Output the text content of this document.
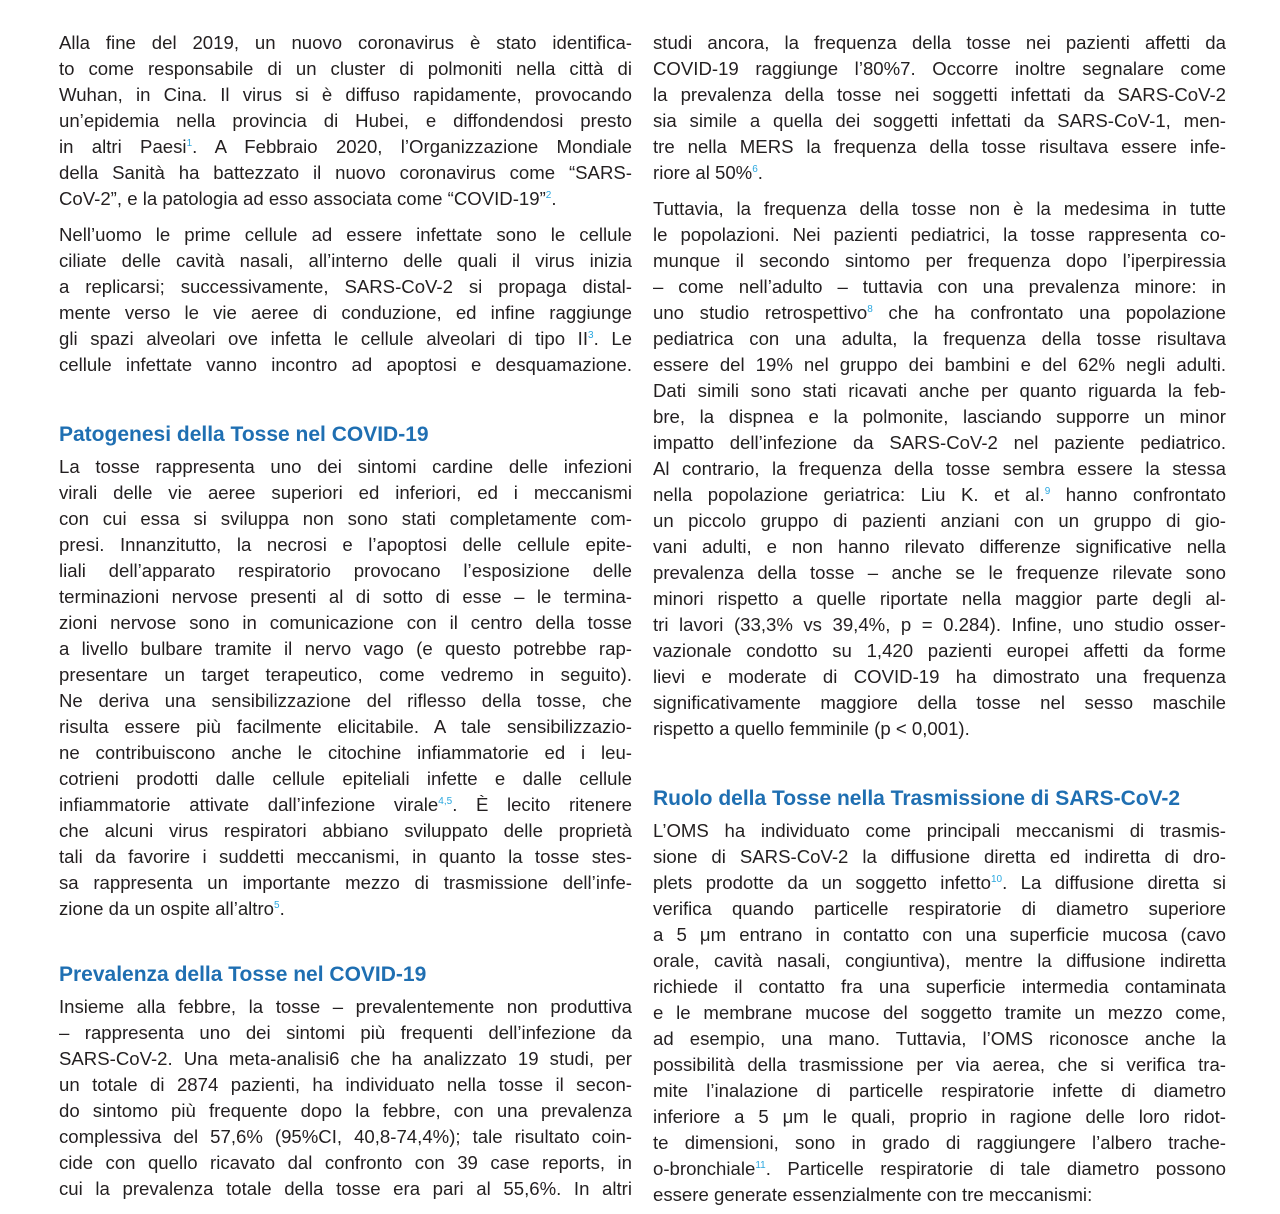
Alla fine del 2019, un nuovo coronavirus è stato identifica-
to come responsabile di un cluster di polmoniti nella città di
Wuhan, in Cina. Il virus si è diffuso rapidamente, provocando
un’epidemia nella provincia di Hubei, e diffondendosi presto
in altri Paesi$^1$. A Febbraio 2020, l’Organizzazione Mondiale
della Sanità ha battezzato il nuovo coronavirus come “SARS-
CoV-2”, e la patologia ad esso associata come “COVID-19”$^2$.
Nell’uomo le prime cellule ad essere infettate sono le cellule
ciliate delle cavità nasali, all’interno delle quali il virus inizia
a replicarsi; successivamente, SARS-CoV-2 si propaga distal-
mente verso le vie aeree di conduzione, ed infine raggiunge
gli spazi alveolari ove infetta le cellule alveolari di tipo II$^3$. Le
cellule infettate vanno incontro ad apoptosi e desquamazione.
Patogenesi della Tosse nel COVID-19
La tosse rappresenta uno dei sintomi cardine delle infezioni
virali delle vie aeree superiori ed inferiori, ed i meccanismi
con cui essa si sviluppa non sono stati completamente com-
presi. Innanzitutto, la necrosi e l’apoptosi delle cellule epite-
liali dell’apparato respiratorio provocano l’esposizione delle
terminazioni nervose presenti al di sotto di esse – le termina-
zioni nervose sono in comunicazione con il centro della tosse
a livello bulbare tramite il nervo vago (e questo potrebbe rap-
presentare un target terapeutico, come vedremo in seguito).
Ne deriva una sensibilizzazione del riflesso della tosse, che
risulta essere più facilmente elicitabile. A tale sensibilizzazio-
ne contribuiscono anche le citochine infiammatorie ed i leu-
cotrieni prodotti dalle cellule epiteliali infette e dalle cellule
infiammatorie attivate dall’infezione virale$^{4,5}$. È lecito ritenere
che alcuni virus respiratori abbiano sviluppato delle proprietà
tali da favorire i suddetti meccanismi, in quanto la tosse stes-
sa rappresenta un importante mezzo di trasmissione dell’infe-
zione da un ospite all’altro$^5$.
Prevalenza della Tosse nel COVID-19
Insieme alla febbre, la tosse – prevalentemente non produttiva
– rappresenta uno dei sintomi più frequenti dell’infezione da
SARS-CoV-2. Una meta-analisi6 che ha analizzato 19 studi, per
un totale di 2874 pazienti, ha individuato nella tosse il secon-
do sintomo più frequente dopo la febbre, con una prevalenza
complessiva del 57,6% (95%CI, 40,8-74,4%); tale risultato coin-
cide con quello ricavato dal confronto con 39 case reports, in
cui la prevalenza totale della tosse era pari al 55,6%. In altri
studi ancora, la frequenza della tosse nei pazienti affetti da
COVID-19 raggiunge l’80%7. Occorre inoltre segnalare come
la prevalenza della tosse nei soggetti infettati da SARS-CoV-2
sia simile a quella dei soggetti infettati da SARS-CoV-1, men-
tre nella MERS la frequenza della tosse risultava essere infe-
riore al 50%$^6$.
Tuttavia, la frequenza della tosse non è la medesima in tutte
le popolazioni. Nei pazienti pediatrici, la tosse rappresenta co-
munque il secondo sintomo per frequenza dopo l’iperpiressia
– come nell’adulto – tuttavia con una prevalenza minore: in
uno studio retrospettivo$^8$ che ha confrontato una popolazione
pediatrica con una adulta, la frequenza della tosse risultava
essere del 19% nel gruppo dei bambini e del 62% negli adulti.
Dati simili sono stati ricavati anche per quanto riguarda la feb-
bre, la dispnea e la polmonite, lasciando supporre un minor
impatto dell’infezione da SARS-CoV-2 nel paziente pediatrico.
Al contrario, la frequenza della tosse sembra essere la stessa
nella popolazione geriatrica: Liu K. et al.$^9$ hanno confrontato
un piccolo gruppo di pazienti anziani con un gruppo di gio-
vani adulti, e non hanno rilevato differenze significative nella
prevalenza della tosse – anche se le frequenze rilevate sono
minori rispetto a quelle riportate nella maggior parte degli al-
tri lavori (33,3% vs 39,4%, p = 0.284). Infine, uno studio osser-
vazionale condotto su 1,420 pazienti europei affetti da forme
lievi e moderate di COVID-19 ha dimostrato una frequenza
significativamente maggiore della tosse nel sesso maschile
rispetto a quello femminile (p < 0,001).
Ruolo della Tosse nella Trasmissione di SARS-CoV-2
L’OMS ha individuato come principali meccanismi di trasmis-
sione di SARS-CoV-2 la diffusione diretta ed indiretta di dro-
plets prodotte da un soggetto infetto$^{10}$. La diffusione diretta si
verifica quando particelle respiratorie di diametro superiore
a 5 μm entrano in contatto con una superficie mucosa (cavo
orale, cavità nasali, congiuntiva), mentre la diffusione indiretta
richiede il contatto fra una superficie intermedia contaminata
e le membrane mucose del soggetto tramite un mezzo come,
ad esempio, una mano. Tuttavia, l’OMS riconosce anche la
possibilità della trasmissione per via aerea, che si verifica tra-
mite l’inalazione di particelle respiratorie infette di diametro
inferiore a 5 μm le quali, proprio in ragione delle loro ridot-
te dimensioni, sono in grado di raggiungere l’albero trache-
o-bronchiale$^{11}$. Particelle respiratorie di tale diametro possono
essere generate essenzialmente con tre meccanismi:
